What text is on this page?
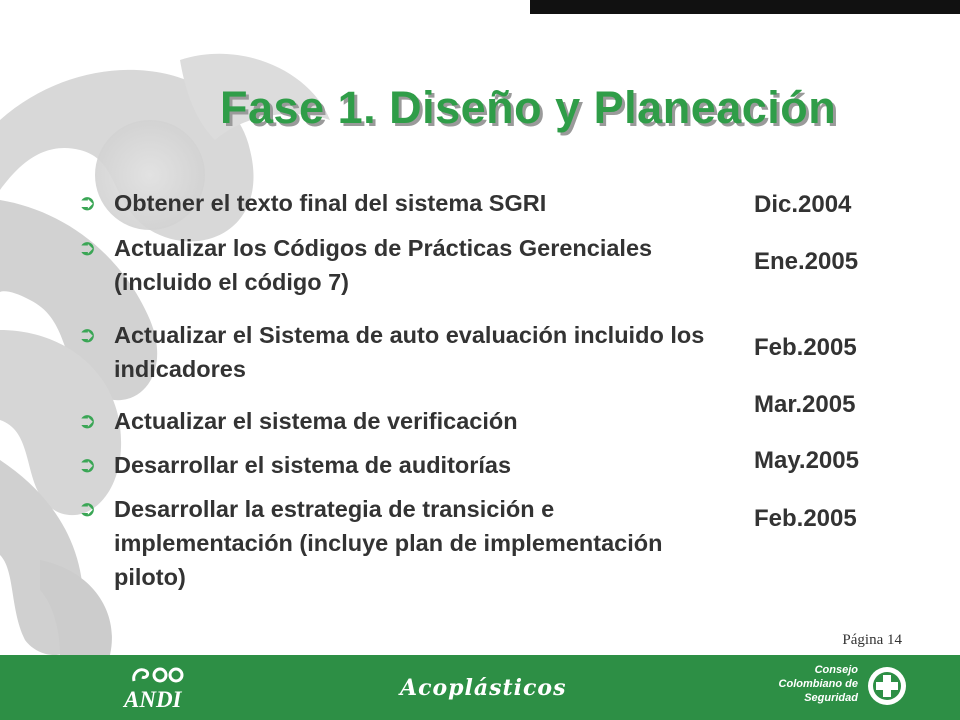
Fase 1. Diseño y Planeación
➲ Obtener el texto final del sistema SGRI
➲ Actualizar los Códigos de Prácticas Gerenciales (incluido el código 7)
➲ Actualizar el Sistema de auto evaluación incluido los indicadores
➲ Actualizar el sistema de verificación
➲ Desarrollar el sistema de auditorías
➲ Desarrollar la estrategia de transición e implementación (incluye plan de implementación piloto)
Dic.2004
Ene.2005
Feb.2005
Mar.2005
May.2005
Feb.2005
Página 14
ANDI	Acoplásticos
Consejo
Colombiano de
Seguridad
